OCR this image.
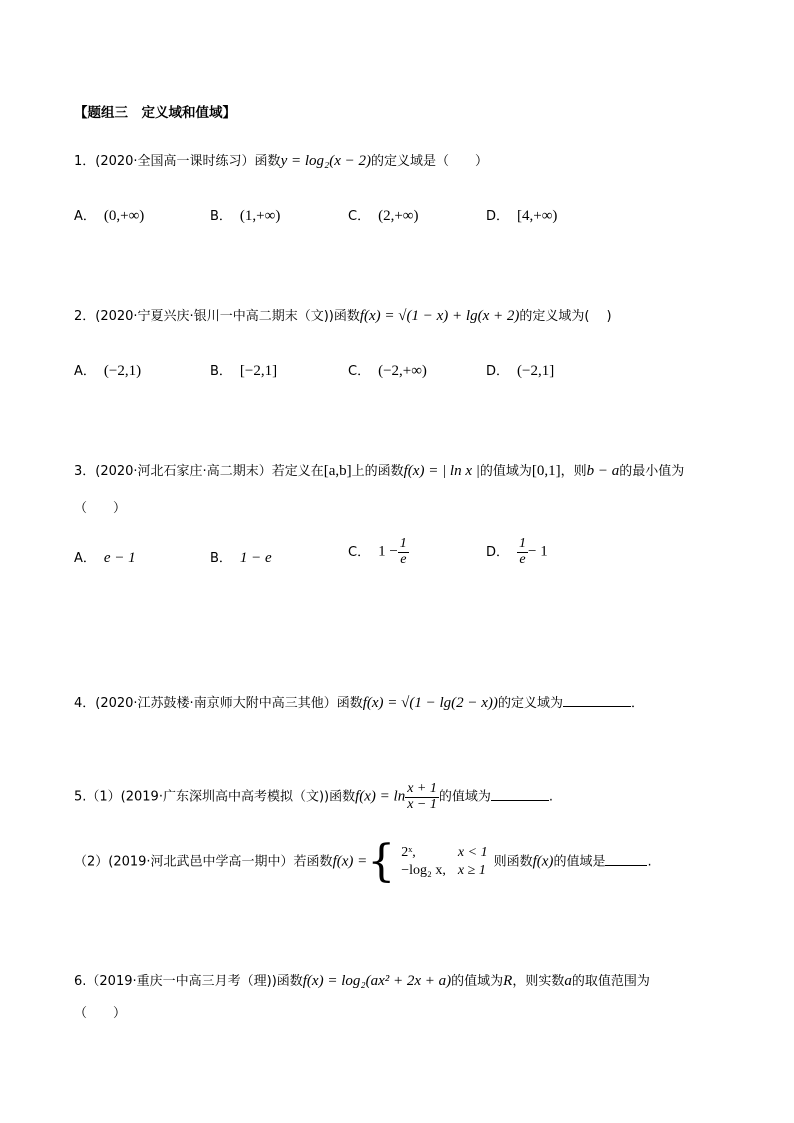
【题组三　定义域和值域】
1．(2020·全国高一课时练习）函数y = log₂(x − 2)的定义域是（　　）
A． (0,+∞)	B． (1,+∞)	C． (2,+∞)	D． [4,+∞)
2．(2020·宁夏兴庆·银川一中高二期末（文))函数f(x) = √(1 − x) + lg(x + 2)的定义域为(　 )
A． (−2,1)	B． [−2,1]	C． (−2,+∞)	D． (−2,1]
3．(2020·河北石家庄·高二期末）若定义在[a,b]上的函数f(x) = | ln x |的值域为[0,1]，则b − a的最小值为
（　　）
A． e − 1	B． 1 − e	C． $1 - \frac{1}{e}$	D． $\frac{1}{e} - 1$
4．(2020·江苏鼓楼·南京师大附中高三其他）函数f(x) = √(1 − lg(2 − x))的定义域为	．
5.（1）(2019·广东深圳高中高考模拟（文))函数$f(x) = \ln \frac{x + 1}{x - 1}$ 的值域为	.
（2）(2019·河北武邑中学高一期中）若函数f(x) ={ 2ˣ,	x < 1
−log₂ x,	x ≥ 1则函数f(x)的值域是	.
6.（2019·重庆一中高三月考（理))函数f(x) = log₂(ax² + 2x + a)的值域为R，则实数a的取值范围为
（　　）
